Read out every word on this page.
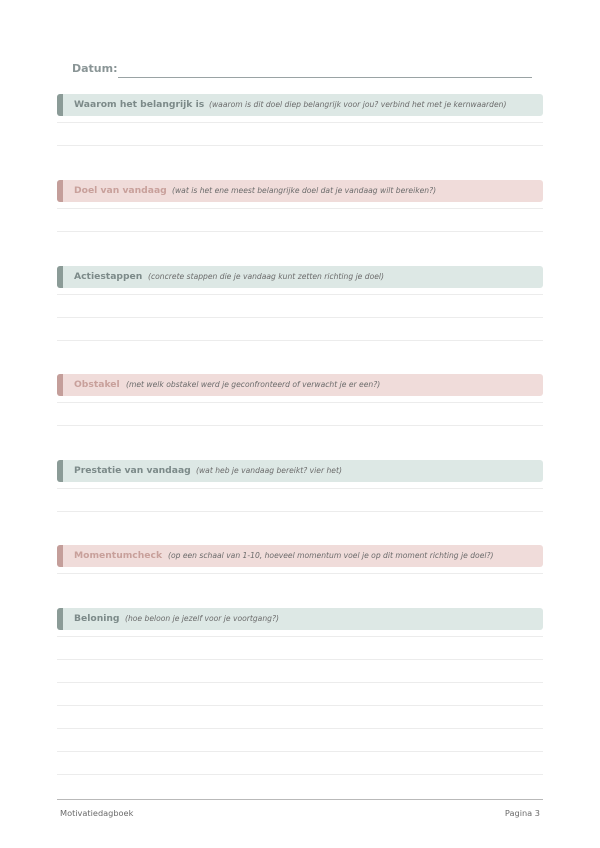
Datum:
Waarom het belangrijk is (waarom is dit doel diep belangrijk voor jou? verbind het met je kernwaarden)
Doel van vandaag (wat is het ene meest belangrijke doel dat je vandaag wilt bereiken?)
Actiestappen (concrete stappen die je vandaag kunt zetten richting je doel)
Obstakel (met welk obstakel werd je geconfronteerd of verwacht je er een?)
Prestatie van vandaag (wat heb je vandaag bereikt? vier het)
Momentumcheck (op een schaal van 1-10, hoeveel momentum voel je op dit moment richting je doel?)
Beloning (hoe beloon je jezelf voor je voortgang?)
Motivatiedagboek	Pagina 3
